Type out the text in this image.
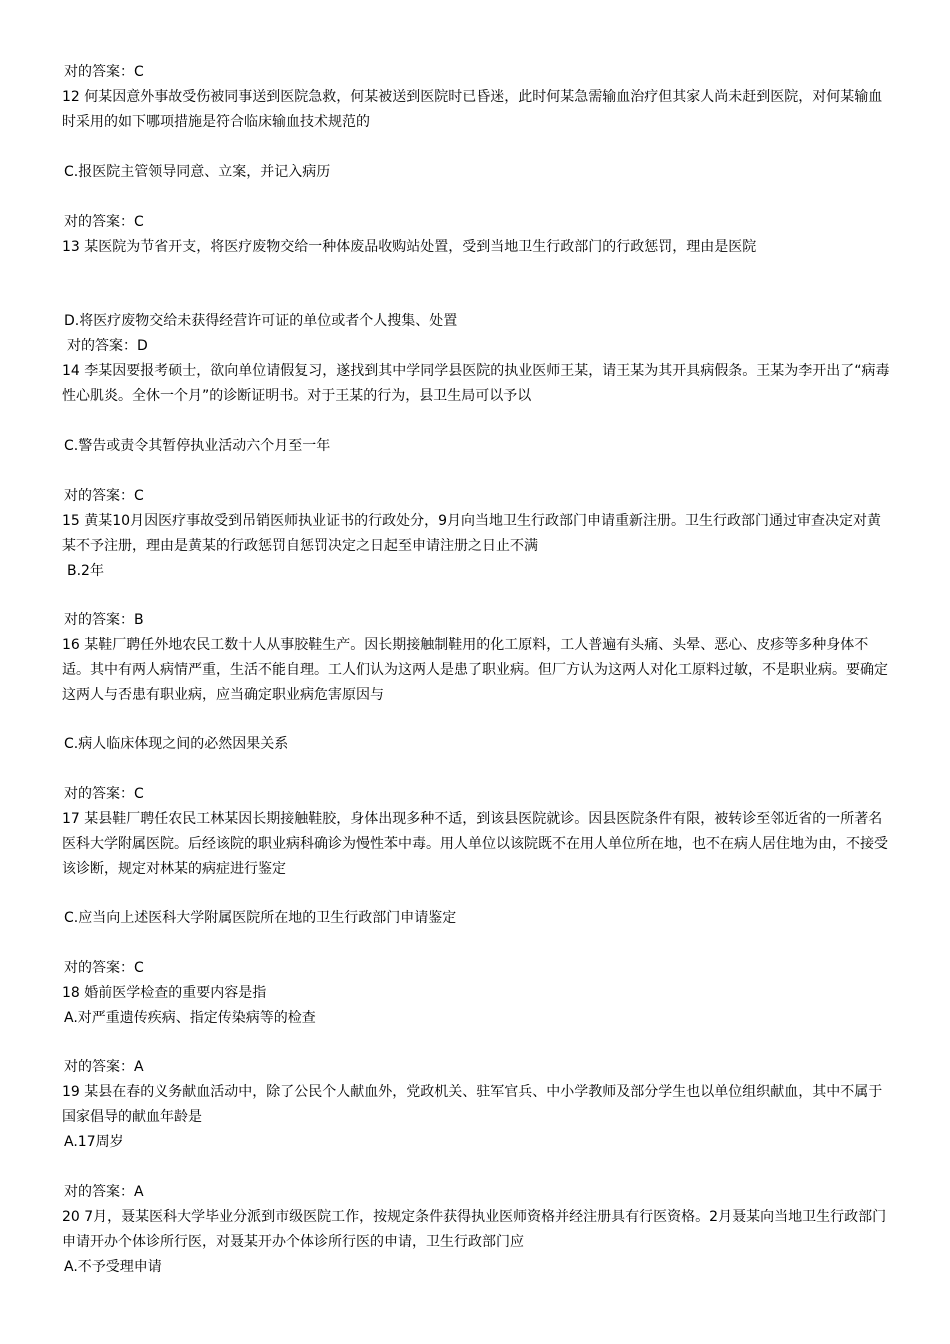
对的答案：C
12 何某因意外事故受伤被同事送到医院急救，何某被送到医院时已昏迷，此时何某急需输血治疗但其家人尚未赶到医院，对何某输血时采用的如下哪项措施是符合临床输血技术规范的
C.报医院主管领导同意、立案，并记入病历
对的答案：C
13 某医院为节省开支，将医疗废物交给一种体废品收购站处置，受到当地卫生行政部门的行政惩罚，理由是医院
D.将医疗废物交给未获得经营许可证的单位或者个人搜集、处置
对的答案：D
14 李某因要报考硕士，欲向单位请假复习，遂找到其中学同学县医院的执业医师王某，请王某为其开具病假条。王某为李开出了“病毒性心肌炎。全休一个月”的诊断证明书。对于王某的行为，县卫生局可以予以
C.警告或责令其暂停执业活动六个月至一年
对的答案：C
15 黄某10月因医疗事故受到吊销医师执业证书的行政处分，9月向当地卫生行政部门申请重新注册。卫生行政部门通过审查决定对黄某不予注册，理由是黄某的行政惩罚自惩罚决定之日起至申请注册之日止不满
B.2年
对的答案：B
16 某鞋厂聘任外地农民工数十人从事胶鞋生产。因长期接触制鞋用的化工原料，工人普遍有头痛、头晕、恶心、皮疹等多种身体不适。其中有两人病情严重，生活不能自理。工人们认为这两人是患了职业病。但厂方认为这两人对化工原料过敏，不是职业病。要确定这两人与否患有职业病，应当确定职业病危害原因与
C.病人临床体现之间的必然因果关系
对的答案：C
17 某县鞋厂聘任农民工林某因长期接触鞋胶，身体出现多种不适，到该县医院就诊。因县医院条件有限，被转诊至邻近省的一所著名医科大学附属医院。后经该院的职业病科确诊为慢性苯中毒。用人单位以该院既不在用人单位所在地，也不在病人居住地为由，不接受该诊断，规定对林某的病症进行鉴定
C.应当向上述医科大学附属医院所在地的卫生行政部门申请鉴定
对的答案：C
18 婚前医学检查的重要内容是指
A.对严重遗传疾病、指定传染病等的检查
对的答案：A
19 某县在春的义务献血活动中，除了公民个人献血外，党政机关、驻军官兵、中小学教师及部分学生也以单位组织献血，其中不属于国家倡导的献血年龄是
A.17周岁
对的答案：A
20 7月，聂某医科大学毕业分派到市级医院工作，按规定条件获得执业医师资格并经注册具有行医资格。2月聂某向当地卫生行政部门申请开办个体诊所行医，对聂某开办个体诊所行医的申请，卫生行政部门应
A.不予受理申请
